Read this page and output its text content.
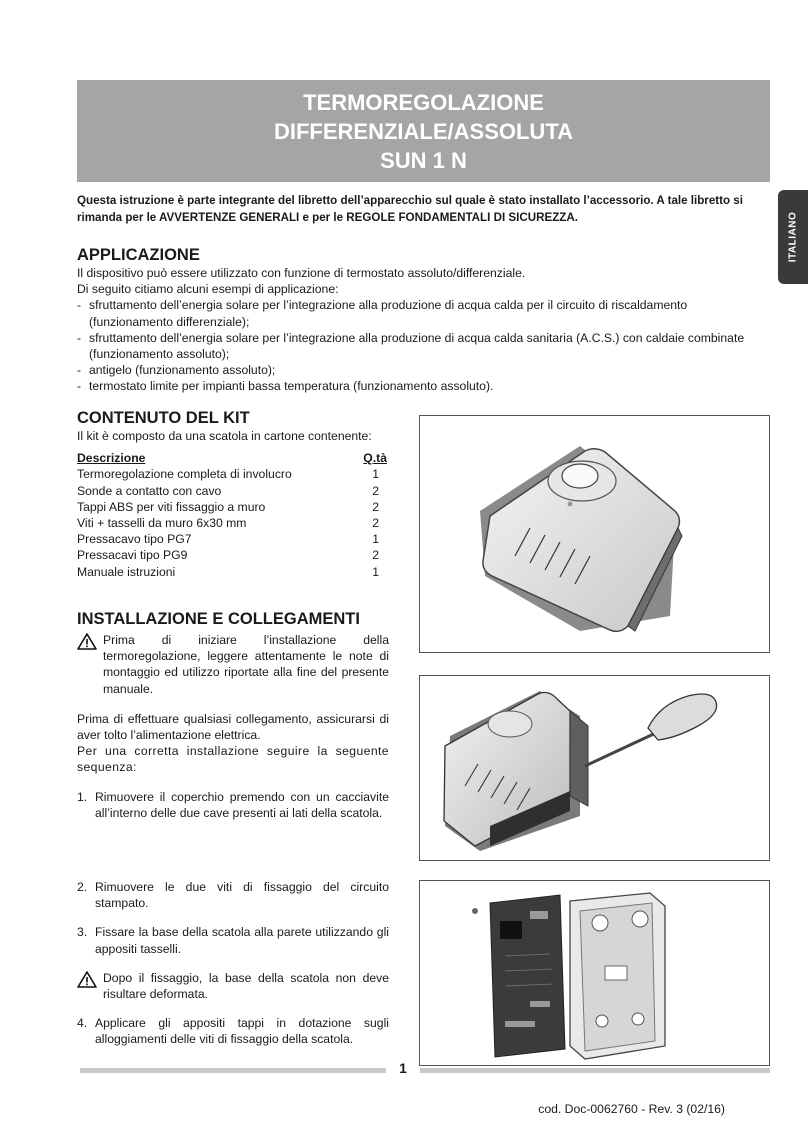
TERMOREGOLAZIONE
DIFFERENZIALE/ASSOLUTA
SUN 1 N
ITALIANO
Questa istruzione è parte integrante del libretto dell’apparecchio sul quale è stato installato l’accessorio. A tale libretto si rimanda per le AVVERTENZE GENERALI e per le REGOLE FONDAMENTALI DI SICUREZZA.
APPLICAZIONE
Il dispositivo può essere utilizzato con funzione di termostato assoluto/differenziale.
Di seguito citiamo alcuni esempi di applicazione:
- sfruttamento dell’energia solare per l’integrazione alla produzione di acqua calda per il circuito di riscaldamento (funzionamento differenziale);
- sfruttamento dell’energia solare per l’integrazione alla produzione di acqua calda sanitaria (A.C.S.) con caldaie combinate (funzionamento assoluto);
- antigelo (funzionamento assoluto);
- termostato limite per impianti bassa temperatura (funzionamento assoluto).
CONTENUTO DEL KIT
Il kit è composto da una scatola in cartone contenente:
Descrizione	Q.tà
Termoregolazione completa di involucro	1
Sonde a contatto con cavo	2
Tappi ABS per viti fissaggio a muro	2
Viti + tasselli da muro 6x30 mm	2
Pressacavo tipo PG7	1
Pressacavi tipo PG9	2
Manuale istruzioni	1
INSTALLAZIONE E COLLEGAMENTI
Prima di iniziare l’installazione della termoregolazione, leggere attentamente le note di montaggio ed utilizzo riportate alla fine del presente manuale.
Prima di effettuare qualsiasi collegamento, assicurarsi di aver tolto l’alimentazione elettrica.
Per una corretta installazione seguire la seguente sequenza:
1. Rimuovere il coperchio premendo con un cacciavite all’interno delle due cave presenti ai lati della scatola.
2. Rimuovere le due viti di fissaggio del circuito stampato.
3. Fissare la base della scatola alla parete utilizzando gli appositi tasselli.
Dopo il fissaggio, la base della scatola non deve risultare deformata.
4. Applicare gli appositi tappi in dotazione sugli alloggiamenti delle viti di fissaggio della scatola.
1
cod. Doc-0062760 - Rev. 3 (02/16)
